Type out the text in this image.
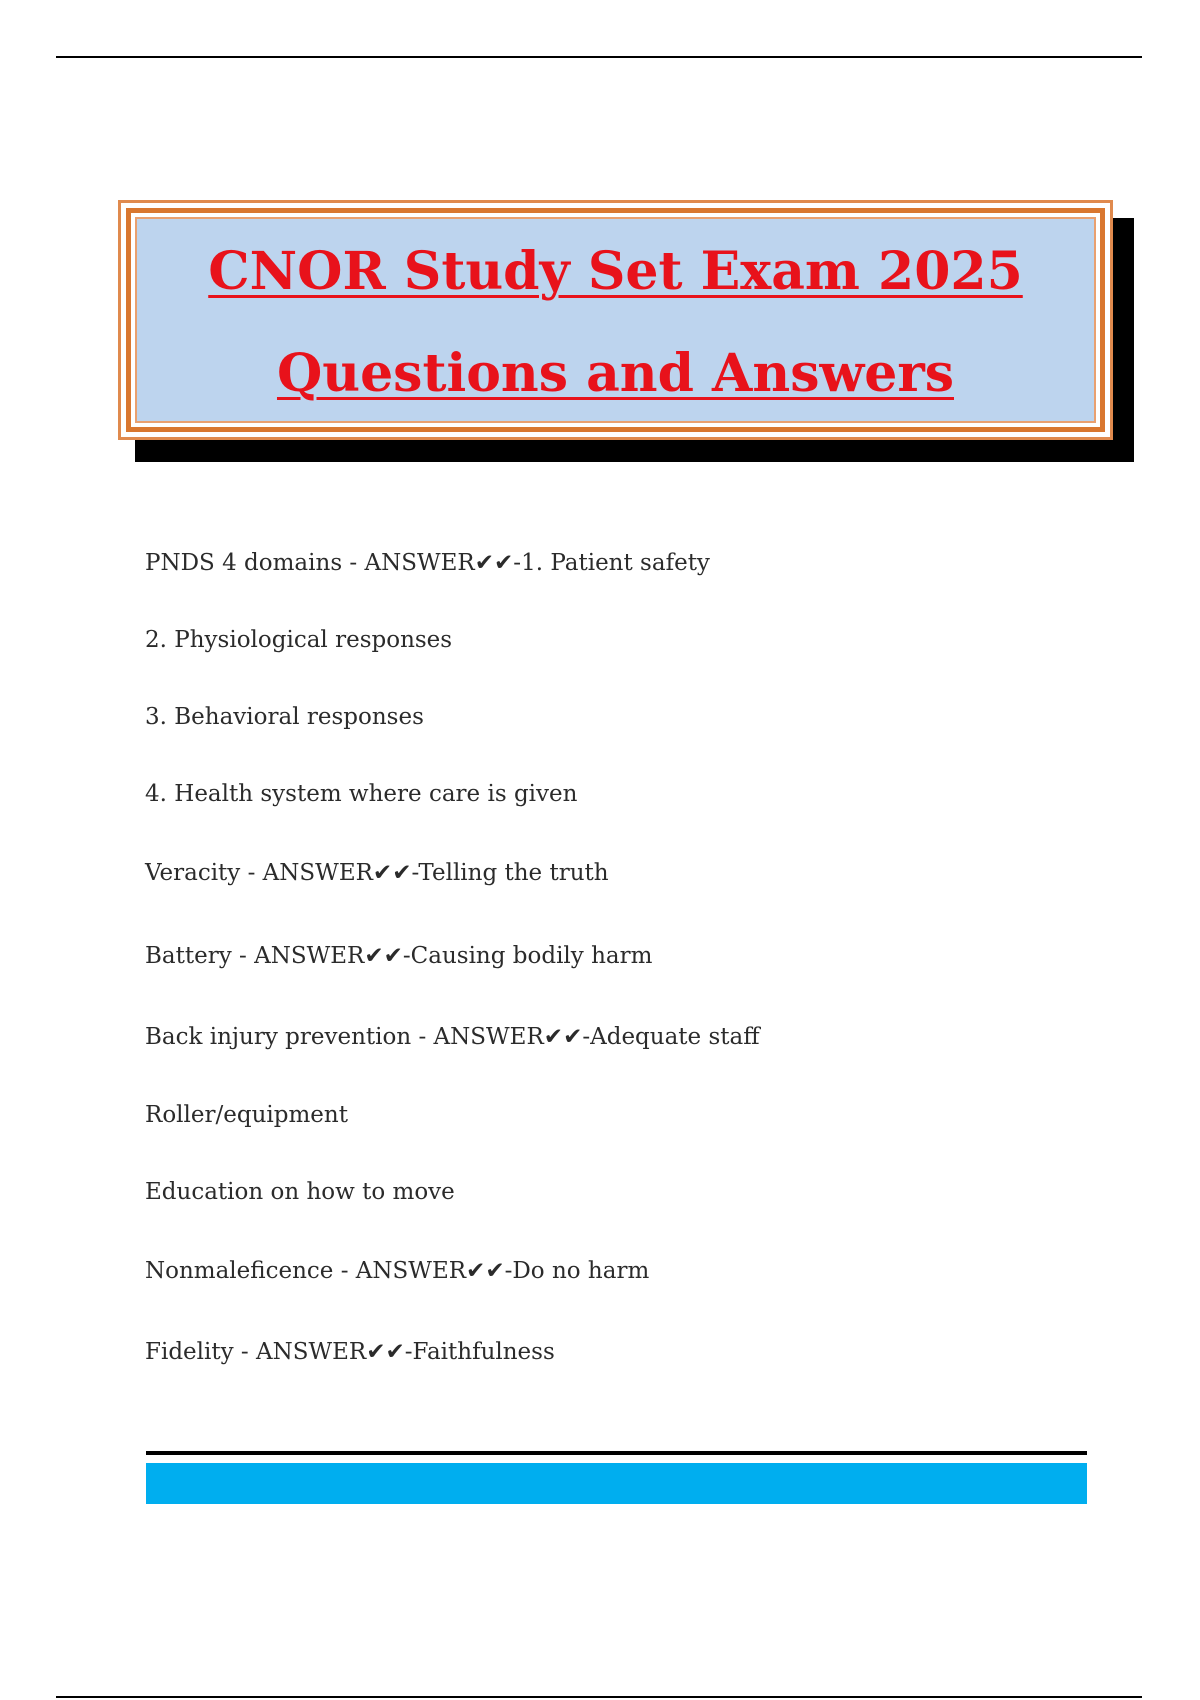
CNOR Study Set Exam 2025
Questions and Answers
PNDS 4 domains - ANSWER✔✔-1. Patient safety
2. Physiological responses
3. Behavioral responses
4. Health system where care is given
Veracity - ANSWER✔✔-Telling the truth
Battery - ANSWER✔✔-Causing bodily harm
Back injury prevention - ANSWER✔✔-Adequate staff
Roller/equipment
Education on how to move
Nonmaleficence - ANSWER✔✔-Do no harm
Fidelity - ANSWER✔✔-Faithfulness
